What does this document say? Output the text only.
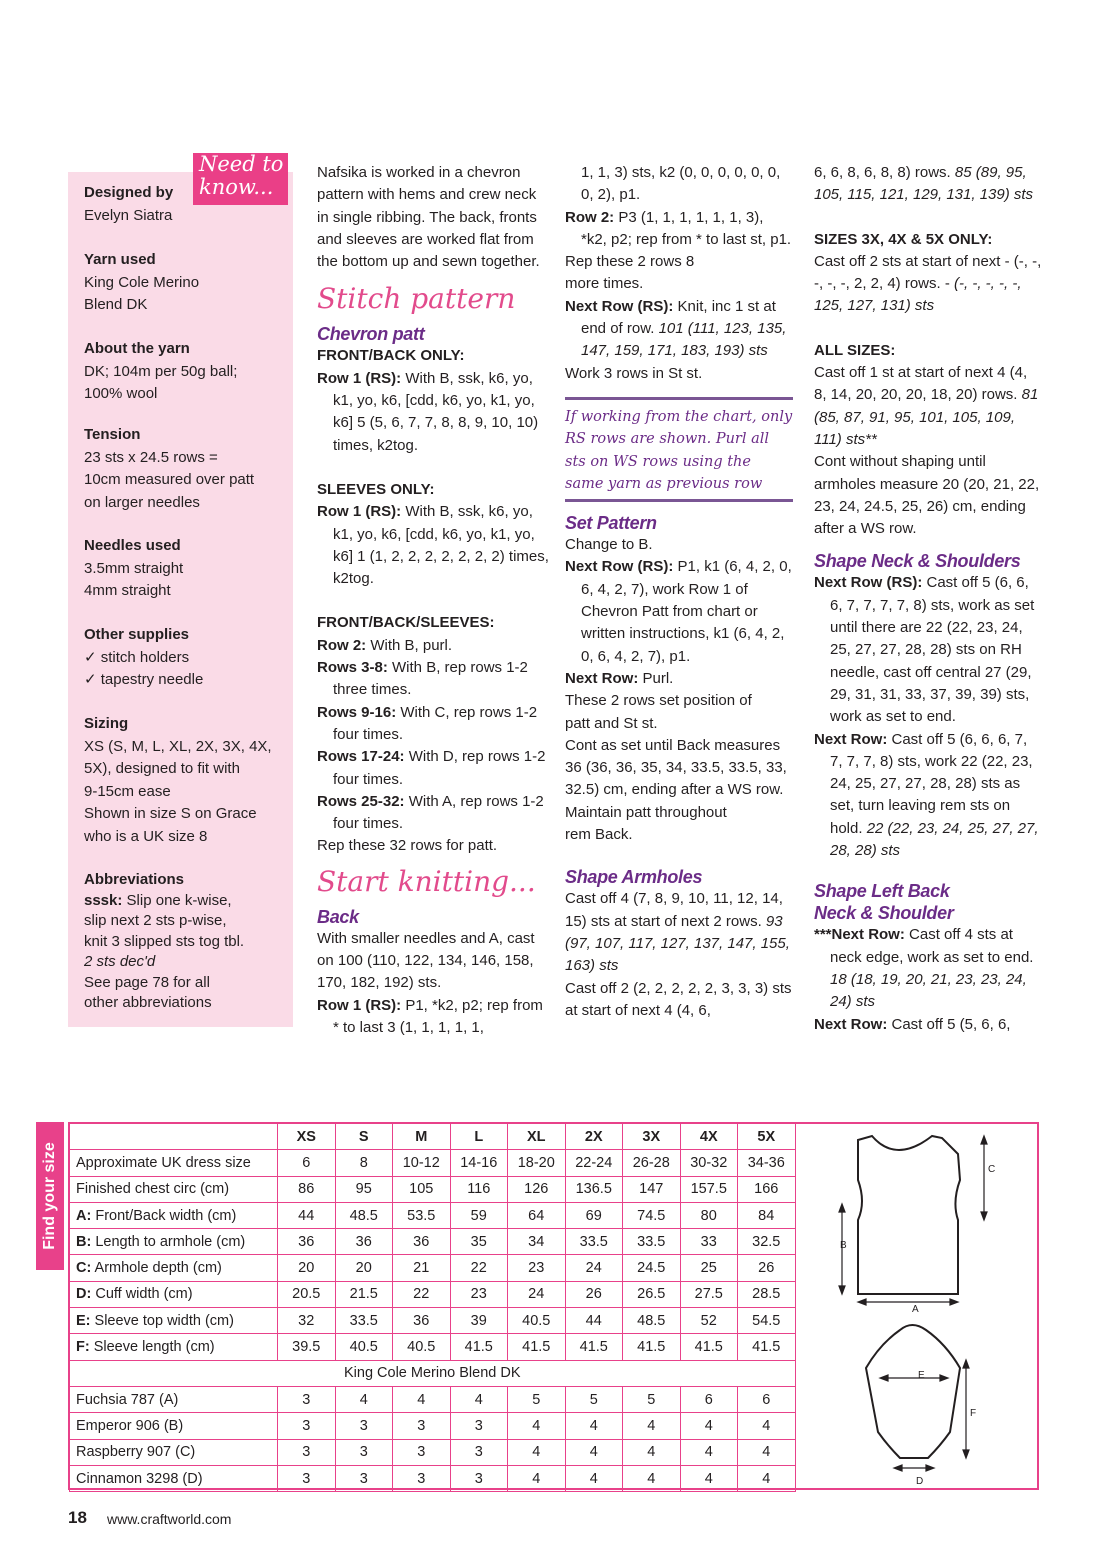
Need to
know...
Designed by

Evelyn Siatra

Yarn used

King Cole Merino

Blend DK

About the yarn

DK; 104m per 50g ball;

100% wool

Tension

23 sts x 24.5 rows =

10cm measured over patt

on larger needles

Needles used

3.5mm straight

4mm straight

Other supplies

✓ stitch holders

✓ tapestry needle

Sizing

XS (S, M, L, XL, 2X, 3X, 4X,

5X), designed to fit with

9-15cm ease

Shown in size S on Grace

who is a UK size 8

Abbreviations

sssk: Slip one k-wise,

slip next 2 sts p-wise,

knit 3 slipped sts tog tbl.

2 sts dec'd

See page 78 for all

other abbreviations

Nafsika is worked in a chevron pattern with hems and crew neck in single ribbing. The back, fronts and sleeves are worked flat from the bottom up and sewn together.

Stitch pattern

Chevron patt

FRONT/BACK ONLY:

Row 1 (RS): With B, ssk, k6, yo, k1, yo, k6, [cdd, k6, yo, k1, yo, k6] 5 (5, 6, 7, 7, 8, 8, 9, 10, 10) times, k2tog.

SLEEVES ONLY:

Row 1 (RS): With B, ssk, k6, yo, k1, yo, k6, [cdd, k6, yo, k1, yo, k6] 1 (1, 2, 2, 2, 2, 2, 2, 2) times, k2tog.

FRONT/BACK/SLEEVES:

Row 2: With B, purl.

Rows 3-8: With B, rep rows 1-2 three times.

Rows 9-16: With C, rep rows 1-2 four times.

Rows 17-24: With D, rep rows 1-2 four times.

Rows 25-32: With A, rep rows 1-2 four times.

Rep these 32 rows for patt.

Start knitting...

Back

With smaller needles and A, cast on 100 (110, 122, 134, 146, 158, 170, 182, 192) sts.

Row 1 (RS): P1, *k2, p2; rep from * to last 3 (1, 1, 1, 1, 1,

1, 1, 3) sts, k2 (0, 0, 0, 0, 0, 0, 0, 2), p1.

Row 2: P3 (1, 1, 1, 1, 1, 1, 3), *k2, p2; rep from * to last st, p1.

Rep these 2 rows 8 more times.

Next Row (RS): Knit, inc 1 st at end of row. 101 (111, 123, 135, 147, 159, 171, 183, 193) sts

Work 3 rows in St st.

If working from the chart, only RS rows are shown. Purl all sts on WS rows using the same yarn as previous row

Set Pattern

Change to B.

Next Row (RS): P1, k1 (6, 4, 2, 0, 6, 4, 2, 7), work Row 1 of Chevron Patt from chart or written instructions, k1 (6, 4, 2, 0, 6, 4, 2, 7), p1.

Next Row: Purl.

These 2 rows set position of patt and St st.

Cont as set until Back measures 36 (36, 36, 35, 34, 33.5, 33.5, 33, 32.5) cm, ending after a WS row.

Maintain patt throughout rem Back.

Shape Armholes

Cast off 4 (7, 8, 9, 10, 11, 12, 14, 15) sts at start of next 2 rows. 93 (97, 107, 117, 127, 137, 147, 155, 163) sts

Cast off 2 (2, 2, 2, 2, 2, 3, 3, 3) sts at start of next 4 (4, 6,

6, 6, 8, 6, 8, 8) rows. 85 (89, 95, 105, 115, 121, 129, 131, 139) sts

SIZES 3X, 4X & 5X ONLY:

Cast off 2 sts at start of next - (-, -, -, -, -, 2, 2, 4) rows. - (-, -, -, -, -, 125, 127, 131) sts

ALL SIZES:

Cast off 1 st at start of next 4 (4, 8, 14, 20, 20, 20, 18, 20) rows. 81 (85, 87, 91, 95, 101, 105, 109, 111) sts**

Cont without shaping until armholes measure 20 (20, 21, 22, 23, 24, 24.5, 25, 26) cm, ending after a WS row.

Shape Neck & Shoulders

Next Row (RS): Cast off 5 (6, 6, 6, 7, 7, 7, 7, 8) sts, work as set until there are 22 (22, 23, 24, 25, 27, 27, 28, 28) sts on RH needle, cast off central 27 (29, 29, 31, 31, 33, 37, 39, 39) sts, work as set to end.

Next Row: Cast off 5 (6, 6, 6, 7, 7, 7, 7, 8) sts, work 22 (22, 23, 24, 25, 27, 27, 28, 28) sts as set, turn leaving rem sts on hold. 22 (22, 23, 24, 25, 27, 27, 28, 28) sts

Shape Left Back
Neck & Shoulder

***Next Row: Cast off 4 sts at neck edge, work as set to end. 18 (18, 19, 20, 21, 23, 23, 24, 24) sts

Next Row: Cast off 5 (5, 6, 6,

Find your size
	XS	S	M	L	XL	2X	3X	4X	5X
Approximate UK dress size	6	8	10-12	14-16	18-20	22-24	26-28	30-32	34-36
Finished chest circ (cm)	86	95	105	116	126	136.5	147	157.5	166
A: Front/Back width (cm)	44	48.5	53.5	59	64	69	74.5	80	84
B: Length to armhole (cm)	36	36	36	35	34	33.5	33.5	33	32.5
C: Armhole depth (cm)	20	20	21	22	23	24	24.5	25	26
D: Cuff width (cm)	20.5	21.5	22	23	24	26	26.5	27.5	28.5
E: Sleeve top width (cm)	32	33.5	36	39	40.5	44	48.5	52	54.5
F: Sleeve length (cm)	39.5	40.5	40.5	41.5	41.5	41.5	41.5	41.5	41.5
King Cole Merino Blend DK									
Fuchsia 787 (A)	3	4	4	4	5	5	5	6	6
Emperor 906 (B)	3	3	3	3	4	4	4	4	4
Raspberry 907 (C)	3	3	3	3	4	4	4	4	4
Cinnamon 3298 (D)	3	3	3	3	4	4	4	4	4
B
A
C
E
F
D
18 www.craftworld.com
